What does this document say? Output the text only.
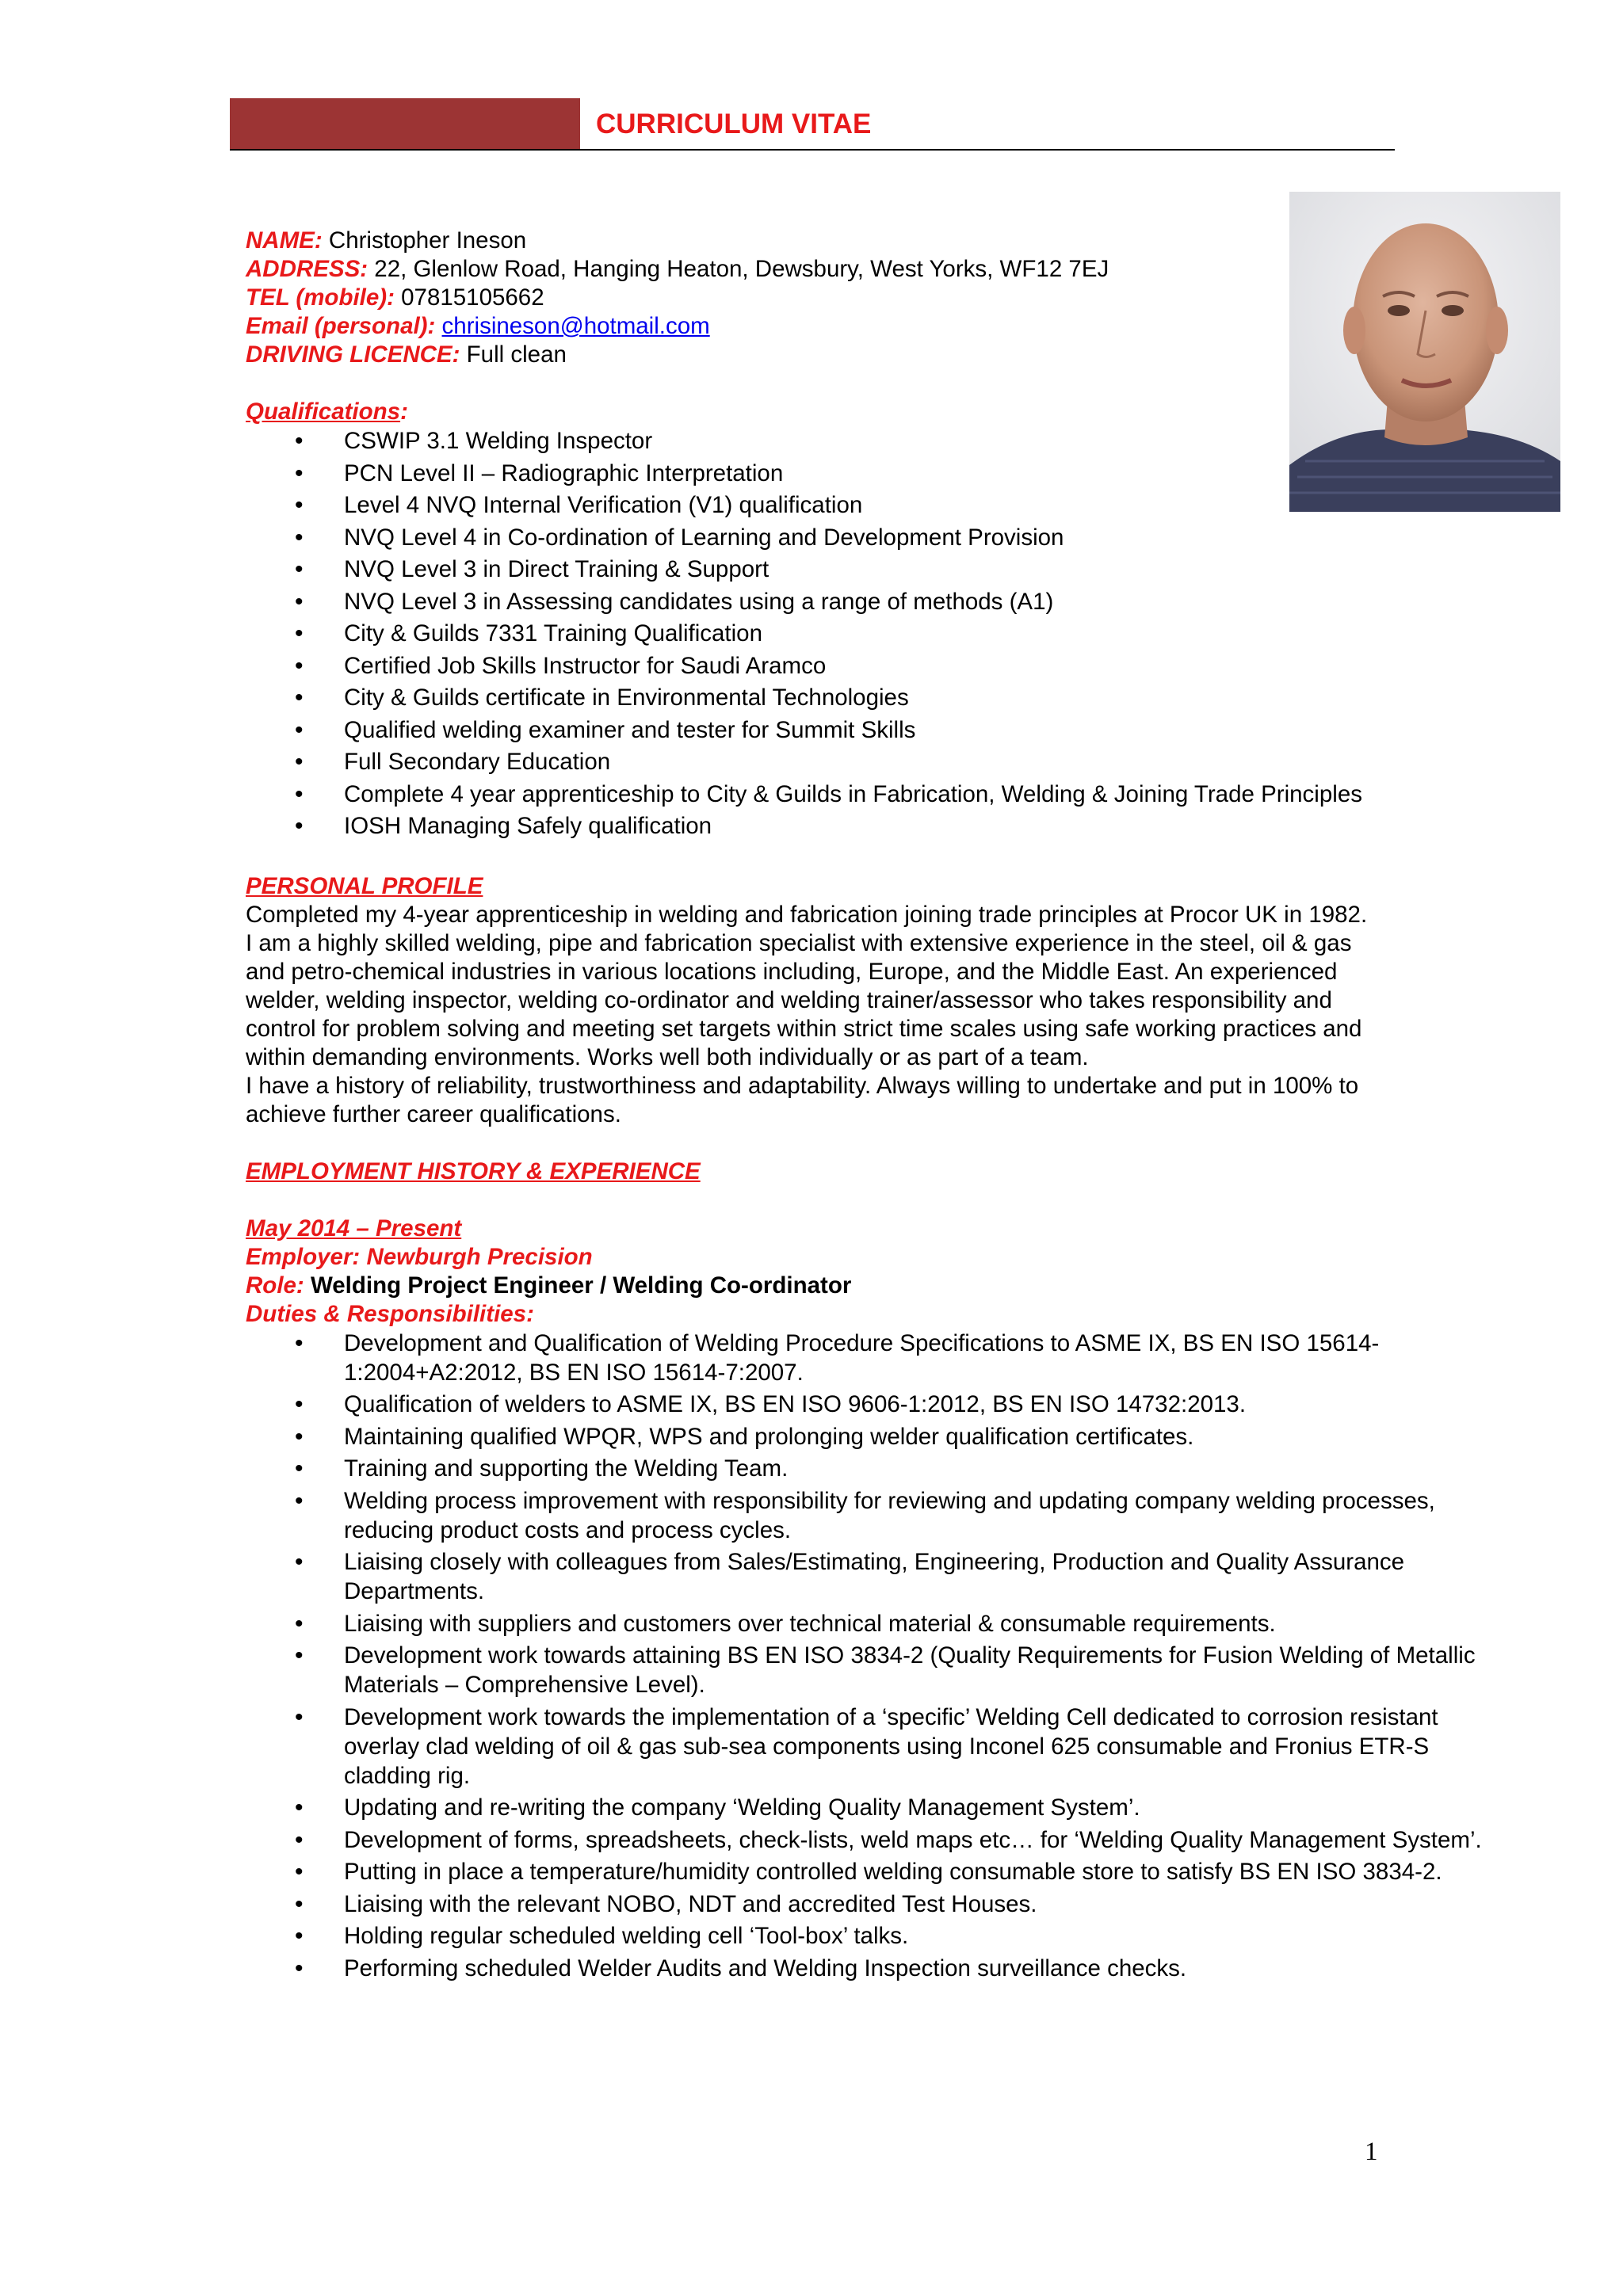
CURRICULUM VITAE
NAME: Christopher Ineson
ADDRESS: 22, Glenlow Road, Hanging Heaton, Dewsbury, West Yorks, WF12 7EJ
TEL (mobile): 07815105662
Email (personal): chrisineson@hotmail.com
DRIVING LICENCE: Full clean
Qualifications:
• CSWIP 3.1 Welding Inspector
• PCN Level II – Radiographic Interpretation
• Level 4 NVQ Internal Verification (V1) qualification
• NVQ Level 4 in Co-ordination of Learning and Development Provision
• NVQ Level 3 in Direct Training & Support
• NVQ Level 3 in Assessing candidates using a range of methods (A1)
• City & Guilds 7331 Training Qualification
• Certified Job Skills Instructor for Saudi Aramco
• City & Guilds certificate in Environmental Technologies
• Qualified welding examiner and tester for Summit Skills
• Full Secondary Education
• Complete 4 year apprenticeship to City & Guilds in Fabrication, Welding & Joining Trade Principles
• IOSH Managing Safely qualification
PERSONAL PROFILE
Completed my 4-year apprenticeship in welding and fabrication joining trade principles at Procor UK in 1982.
I am a highly skilled welding, pipe and fabrication specialist with extensive experience in the steel, oil & gas and petro-chemical industries in various locations including, Europe, and the Middle East. An experienced welder, welding inspector, welding co-ordinator and welding trainer/assessor who takes responsibility and control for problem solving and meeting set targets within strict time scales using safe working practices and within demanding environments. Works well both individually or as part of a team.
I have a history of reliability, trustworthiness and adaptability. Always willing to undertake and put in 100% to achieve further career qualifications.
EMPLOYMENT HISTORY & EXPERIENCE
May 2014 – Present
Employer: Newburgh Precision
Role: Welding Project Engineer / Welding Co-ordinator
Duties & Responsibilities:
• Development and Qualification of Welding Procedure Specifications to ASME IX, BS EN ISO 15614-1:2004+A2:2012, BS EN ISO 15614-7:2007.
• Qualification of welders to ASME IX, BS EN ISO 9606-1:2012, BS EN ISO 14732:2013.
• Maintaining qualified WPQR, WPS and prolonging welder qualification certificates.
• Training and supporting the Welding Team.
• Welding process improvement with responsibility for reviewing and updating company welding processes, reducing product costs and process cycles.
• Liaising closely with colleagues from Sales/Estimating, Engineering, Production and Quality Assurance Departments.
• Liaising with suppliers and customers over technical material & consumable requirements.
• Development work towards attaining BS EN ISO 3834-2 (Quality Requirements for Fusion Welding of Metallic Materials – Comprehensive Level).
• Development work towards the implementation of a ‘specific’ Welding Cell dedicated to corrosion resistant overlay clad welding of oil & gas sub-sea components using Inconel 625 consumable and Fronius ETR-S cladding rig.
• Updating and re-writing the company ‘Welding Quality Management System’.
• Development of forms, spreadsheets, check-lists, weld maps etc… for ‘Welding Quality Management System’.
• Putting in place a temperature/humidity controlled welding consumable store to satisfy BS EN ISO 3834-2.
• Liaising with the relevant NOBO, NDT and accredited Test Houses.
• Holding regular scheduled welding cell ‘Tool-box’ talks.
• Performing scheduled Welder Audits and Welding Inspection surveillance checks.
1
